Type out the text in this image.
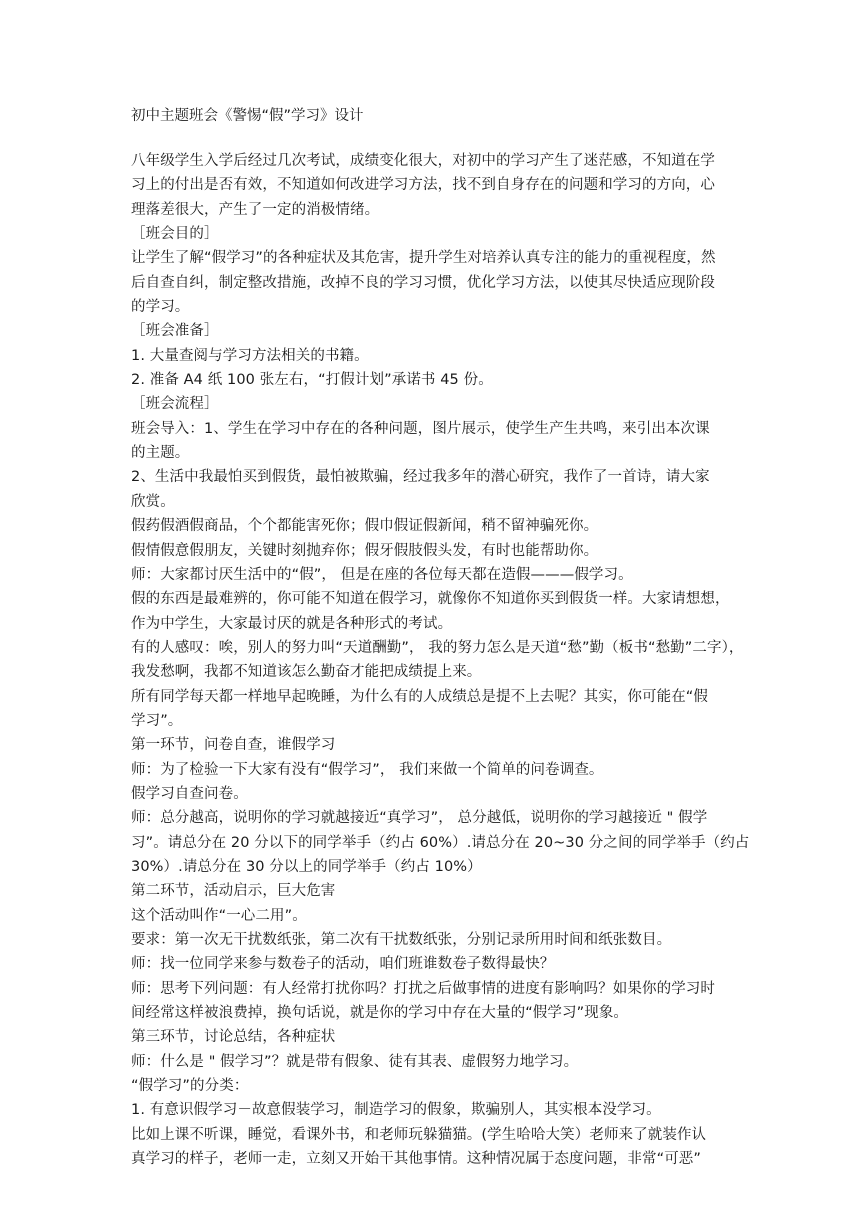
初中主题班会《警惕“假”学习》设计

八年级学生入学后经过几次考试，成绩变化很大，对初中的学习产生了迷茫感，不知道在学

习上的付出是否有效，不知道如何改进学习方法，找不到自身存在的问题和学习的方向，心

理落差很大，产生了一定的消极情绪。

［班会目的］

让学生了解“假学习”的各种症状及其危害，提升学生对培养认真专注的能力的重视程度，然

后自查自纠，制定整改措施，改掉不良的学习习惯，优化学习方法，以使其尽快适应现阶段

的学习。

［班会准备］

1. 大量查阅与学习方法相关的书籍。

2. 准备 A4 纸 100 张左右，“打假计划”承诺书 45 份。

［班会流程］

班会导入：1、学生在学习中存在的各种问题，图片展示，使学生产生共鸣，来引出本次课

的主题。

2、生活中我最怕买到假货，最怕被欺骗，经过我多年的潜心研究，我作了一首诗，请大家

欣赏。

假药假酒假商品，个个都能害死你；假巾假证假新闻，稍不留神骗死你。

假情假意假朋友，关键时刻抛弃你；假牙假肢假头发，有时也能帮助你。

师：大家都讨厌生活中的“假”， 但是在座的各位每天都在造假———假学习。

假的东西是最难辨的，你可能不知道在假学习，就像你不知道你买到假货一样。大家请想想，

作为中学生，大家最讨厌的就是各种形式的考试。

有的人感叹：唉，别人的努力叫“天道酬勤”， 我的努力怎么是天道“愁”勤（板书“愁勤”二字），

我发愁啊，我都不知道该怎么勤奋才能把成绩提上来。

所有同学每天都一样地早起晚睡，为什么有的人成绩总是提不上去呢？其实，你可能在“假

学习”。

第一环节，问卷自查，谁假学习

师：为了检验一下大家有没有“假学习”， 我们来做一个简单的问卷调查。

假学习自查问卷。

师：总分越高，说明你的学习就越接近“真学习”， 总分越低，说明你的学习越接近 " 假学

习”。请总分在 20 分以下的同学举手（约占 60%）.请总分在 20~30 分之间的同学举手（约占

30%）.请总分在 30 分以上的同学举手（约占 10%）

第二环节，活动启示，巨大危害

这个活动叫作“一心二用”。

要求：第一次无干扰数纸张，第二次有干扰数纸张，分别记录所用时间和纸张数目。

师：找一位同学来参与数卷子的活动，咱们班谁数卷子数得最快？

师：思考下列问题：有人经常打扰你吗？打扰之后做事情的进度有影响吗？如果你的学习时

间经常这样被浪费掉，换句话说，就是你的学习中存在大量的“假学习”现象。

第三环节，讨论总结，各种症状

师：什么是 " 假学习”？就是带有假象、徒有其表、虚假努力地学习。

“假学习”的分类：

1. 有意识假学习－故意假装学习，制造学习的假象，欺骗别人，其实根本没学习。

比如上课不听课，睡觉，看课外书，和老师玩躲猫猫。(学生哈哈大笑）老师来了就装作认

真学习的样子，老师一走，立刻又开始干其他事情。这种情况属于态度问题，非常“可恶”
